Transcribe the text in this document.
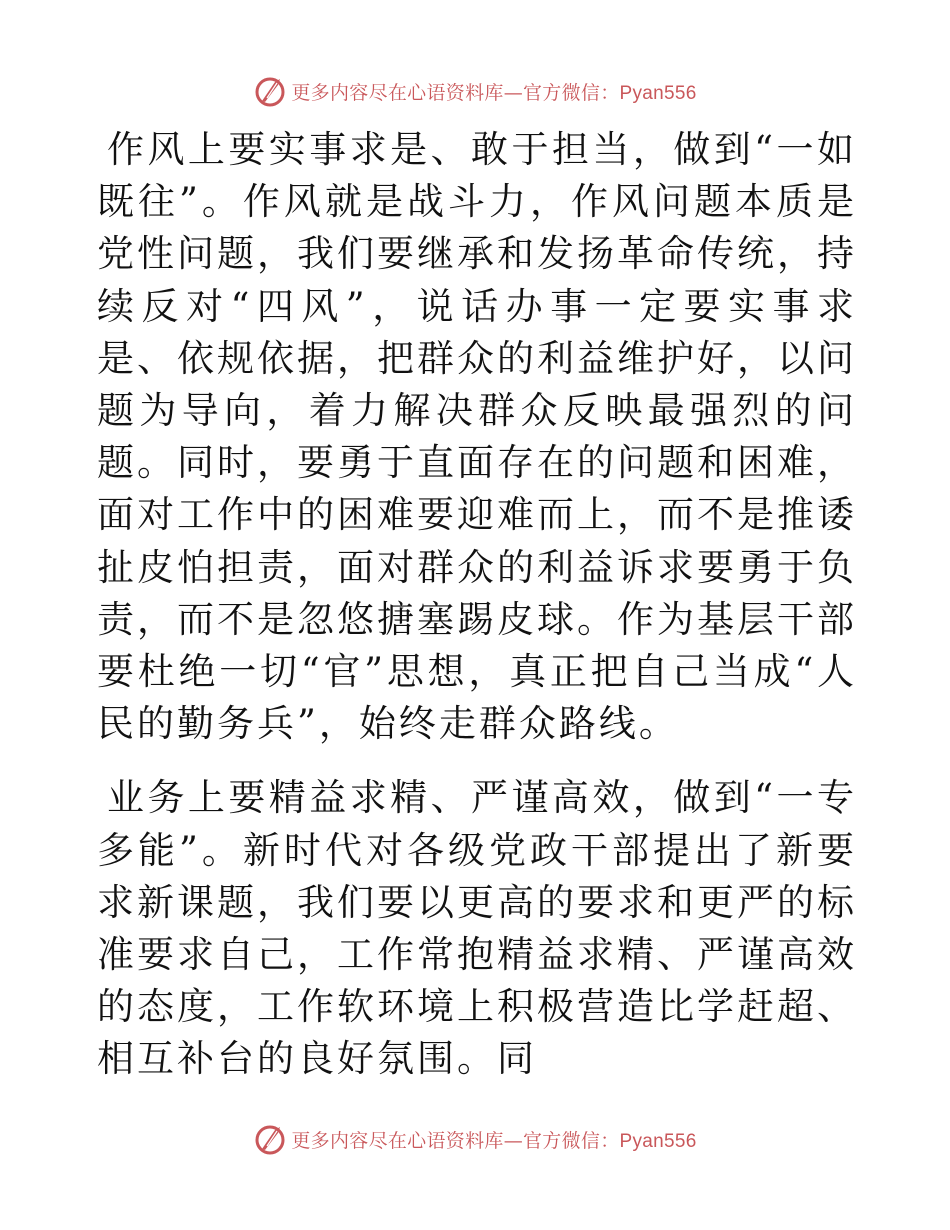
更多内容尽在心语资料库—官方微信：Pyan556

作风上要实事求是、敢于担当，做到“一如既往”。作风就是战斗力，作风问题本质是党性问题，我们要继承和发扬革命传统，持续反对“四风”，说话办事一定要实事求是、依规依据，把群众的利益维护好，以问题为导向，着力解决群众反映最强烈的问题。同时，要勇于直面存在的问题和困难，面对工作中的困难要迎难而上，而不是推诿扯皮怕担责，面对群众的利益诉求要勇于负责，而不是忽悠搪塞踢皮球。作为基层干部要杜绝一切“官”思想，真正把自己当成“人民的勤务兵”，始终走群众路线。

业务上要精益求精、严谨高效，做到“一专多能”。新时代对各级党政干部提出了新要求新课题，我们要以更高的要求和更严的标准要求自己，工作常抱精益求精、严谨高效的态度，工作软环境上积极营造比学赶超、相互补台的良好氛围。同

更多内容尽在心语资料库—官方微信：Pyan556
